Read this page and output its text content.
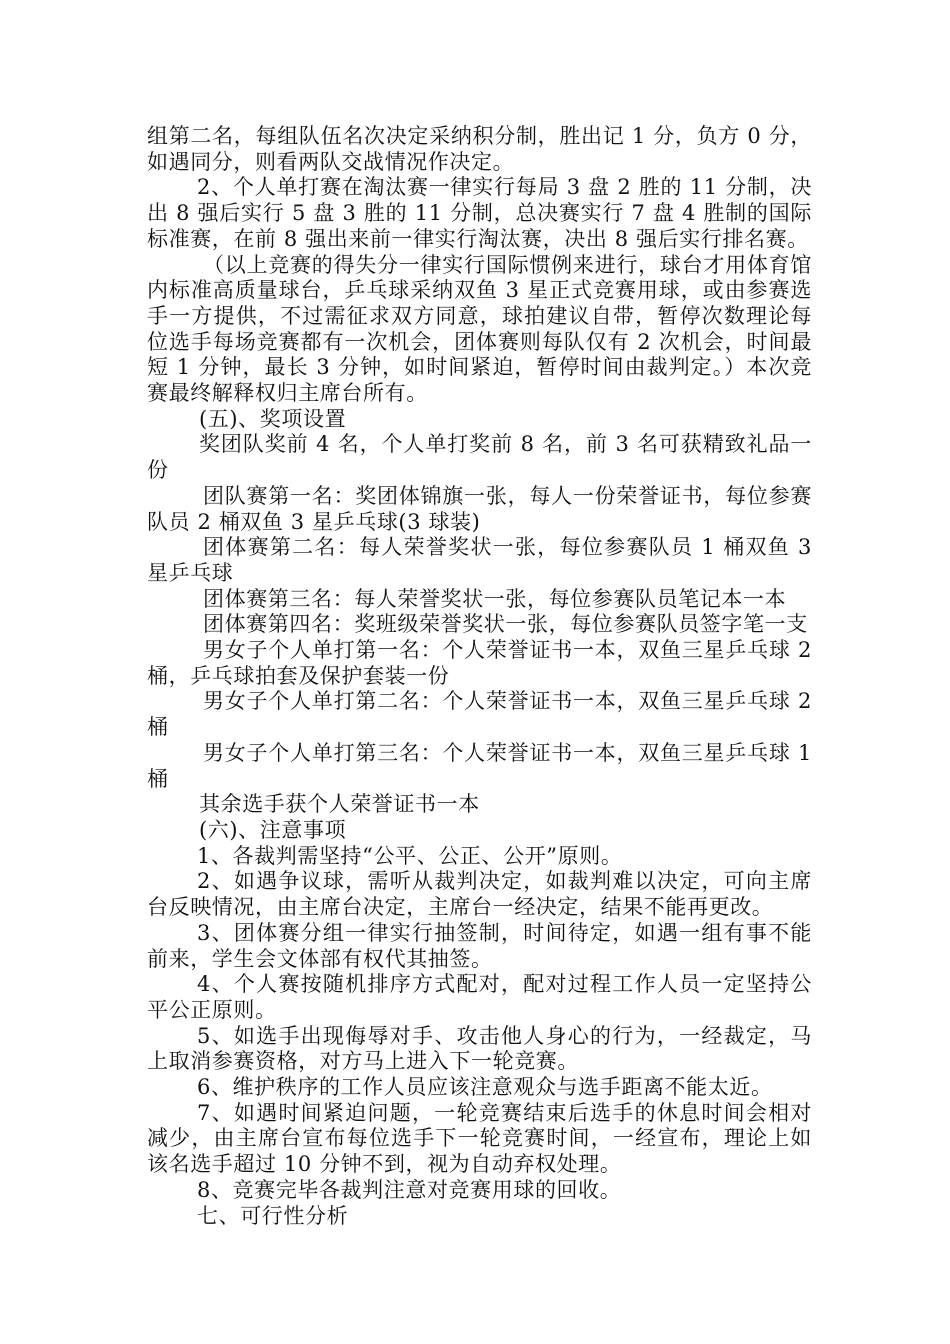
组第二名，每组队伍名次决定采纳积分制，胜出记 1 分，负方 0 分，如遇同分，则看两队交战情况作决定。

2、个人单打赛在淘汰赛一律实行每局 3 盘 2 胜的 11 分制，决出 8 强后实行 5 盘 3 胜的 11 分制，总决赛实行 7 盘 4 胜制的国际标准赛，在前 8 强出来前一律实行淘汰赛，决出 8 强后实行排名赛。

（以上竞赛的得失分一律实行国际惯例来进行，球台才用体育馆内标准高质量球台，乒乓球采纳双鱼 3 星正式竞赛用球，或由参赛选手一方提供，不过需征求双方同意，球拍建议自带，暂停次数理论每位选手每场竞赛都有一次机会，团体赛则每队仅有 2 次机会，时间最短 1 分钟，最长 3 分钟，如时间紧迫，暂停时间由裁判定。）本次竞赛最终解释权归主席台所有。

(五)、奖项设置

奖团队奖前 4 名，个人单打奖前 8 名，前 3 名可获精致礼品一份

团队赛第一名：奖团体锦旗一张，每人一份荣誉证书，每位参赛队员 2 桶双鱼 3 星乒乓球(3 球装)

团体赛第二名：每人荣誉奖状一张，每位参赛队员 1 桶双鱼 3 星乒乓球

团体赛第三名：每人荣誉奖状一张，每位参赛队员笔记本一本

团体赛第四名：奖班级荣誉奖状一张，每位参赛队员签字笔一支

男女子个人单打第一名：个人荣誉证书一本，双鱼三星乒乓球 2 桶，乒乓球拍套及保护套装一份

男女子个人单打第二名：个人荣誉证书一本，双鱼三星乒乓球 2 桶

男女子个人单打第三名：个人荣誉证书一本，双鱼三星乒乓球 1 桶

其余选手获个人荣誉证书一本

(六)、注意事项

1、各裁判需坚持“公平、公正、公开”原则。

2、如遇争议球，需听从裁判决定，如裁判难以决定，可向主席台反映情况，由主席台决定，主席台一经决定，结果不能再更改。

3、团体赛分组一律实行抽签制，时间待定，如遇一组有事不能前来，学生会文体部有权代其抽签。

4、个人赛按随机排序方式配对，配对过程工作人员一定坚持公平公正原则。

5、如选手出现侮辱对手、攻击他人身心的行为，一经裁定，马上取消参赛资格，对方马上进入下一轮竞赛。

6、维护秩序的工作人员应该注意观众与选手距离不能太近。

7、如遇时间紧迫问题，一轮竞赛结束后选手的休息时间会相对减少，由主席台宣布每位选手下一轮竞赛时间，一经宣布，理论上如该名选手超过 10 分钟不到，视为自动弃权处理。

8、竞赛完毕各裁判注意对竞赛用球的回收。

七、可行性分析
